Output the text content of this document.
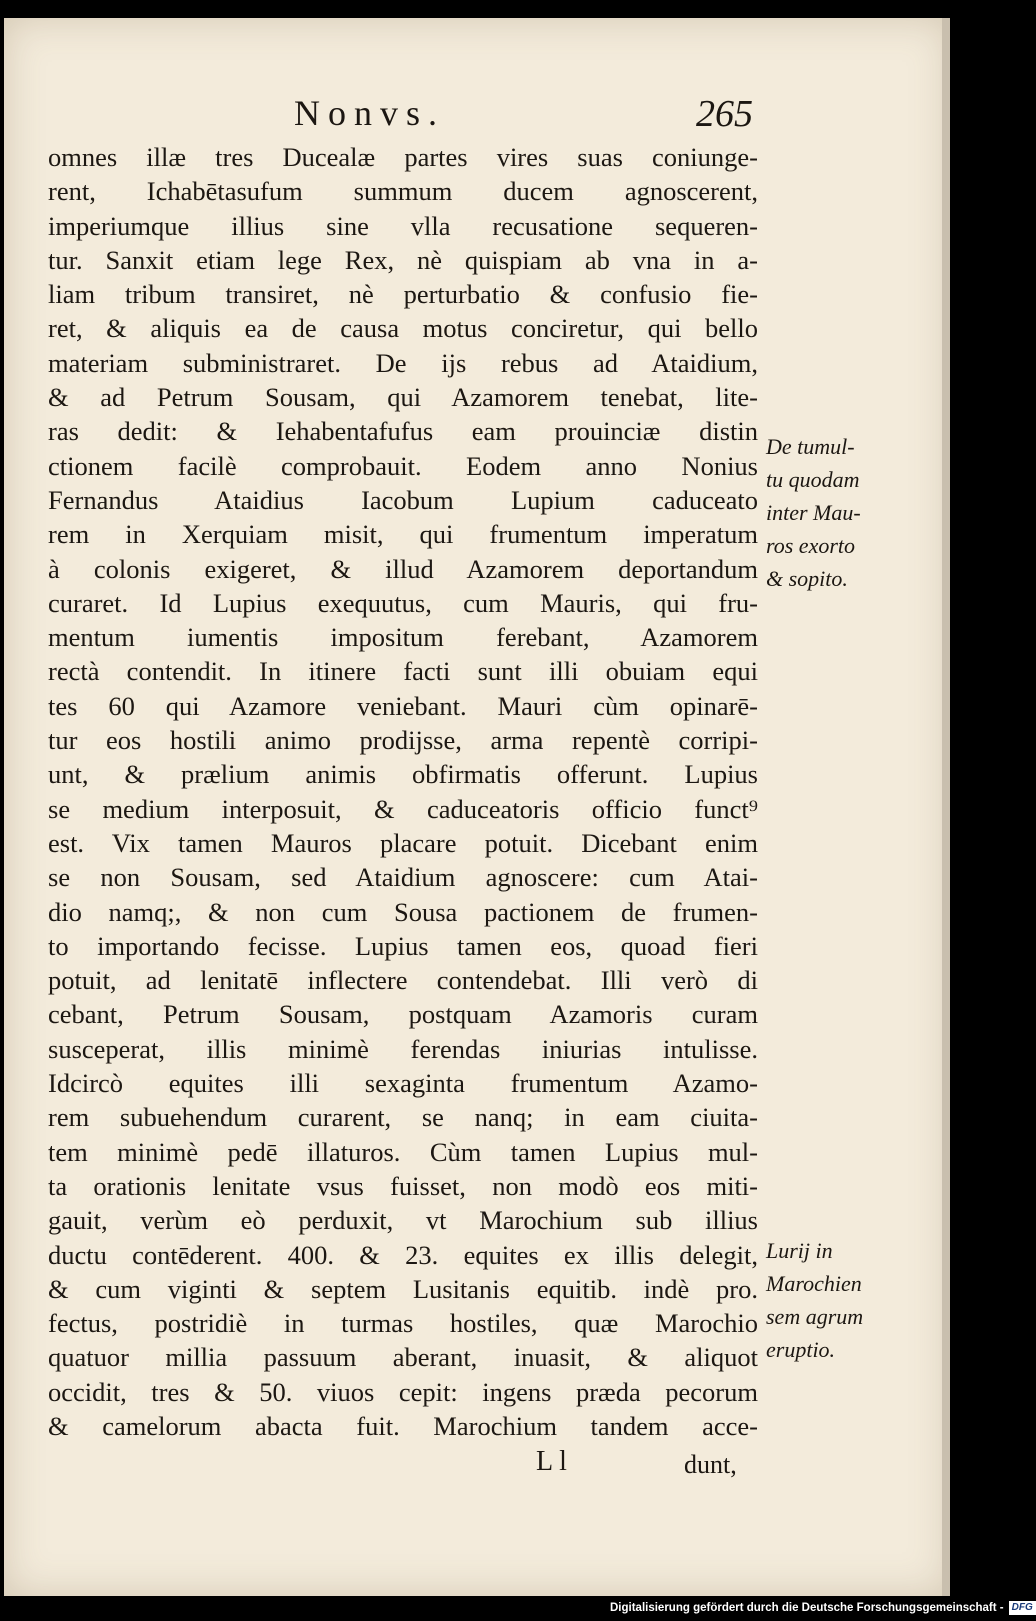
Nonvs.	265
omnes illæ tres Ducealæ partes vires suas coniunge-
rent, Ichabētasufum summum ducem agnoscerent,
imperiumque illius sine vlla recusatione sequeren-
tur. Sanxit etiam lege Rex, nè quispiam ab vna in a-
liam tribum transiret, nè perturbatio & confusio fie-
ret, & aliquis ea de causa motus conciretur, qui bello
materiam subministraret. De ijs rebus ad Ataidium,
& ad Petrum Sousam, qui Azamorem tenebat, lite-
ras dedit: & Iehabentafufus eam prouinciæ distin
ctionem facilè comprobauit. Eodem anno Nonius
Fernandus Ataidius Iacobum Lupium caduceato
rem in Xerquiam misit, qui frumentum imperatum
à colonis exigeret, & illud Azamorem deportandum
curaret. Id Lupius exequutus, cum Mauris, qui fru-
mentum iumentis impositum ferebant, Azamorem
rectà contendit. In itinere facti sunt illi obuiam equi
tes 60 qui Azamore veniebant. Mauri cùm opinarē-
tur eos hostili animo prodijsse, arma repentè corripi-
unt, & prælium animis obfirmatis offerunt. Lupius
se medium interposuit, & caduceatoris officio funct⁹
est. Vix tamen Mauros placare potuit. Dicebant enim
se non Sousam, sed Ataidium agnoscere: cum Atai-
dio namq;, & non cum Sousa pactionem de frumen-
to importando fecisse. Lupius tamen eos, quoad fieri
potuit, ad lenitatē inflectere contendebat. Illi verò di
cebant, Petrum Sousam, postquam Azamoris curam
susceperat, illis minimè ferendas iniurias intulisse.
Idcircò equites illi sexaginta frumentum Azamo-
rem subuehendum curarent, se nanq; in eam ciuita-
tem minimè pedē illaturos. Cùm tamen Lupius mul-
ta orationis lenitate vsus fuisset, non modò eos miti-
gauit, verùm eò perduxit, vt Marochium sub illius
ductu contēderent. 400. & 23. equites ex illis delegit,
& cum viginti & septem Lusitanis equitib. indè pro.
fectus, postridiè in turmas hostiles, quæ Marochio
quatuor millia passuum aberant, inuasit, & aliquot
occidit, tres & 50. viuos cepit: ingens præda pecorum
& camelorum abacta fuit. Marochium tandem acce-
De tumul-
tu quodam
inter Mau-
ros exorto
& sopito.
Lurij in
Marochien
sem agrum
eruptio.
L l	dunt,
Digitalisierung gefördert durch die Deutsche Forschungsgemeinschaft - DFG
